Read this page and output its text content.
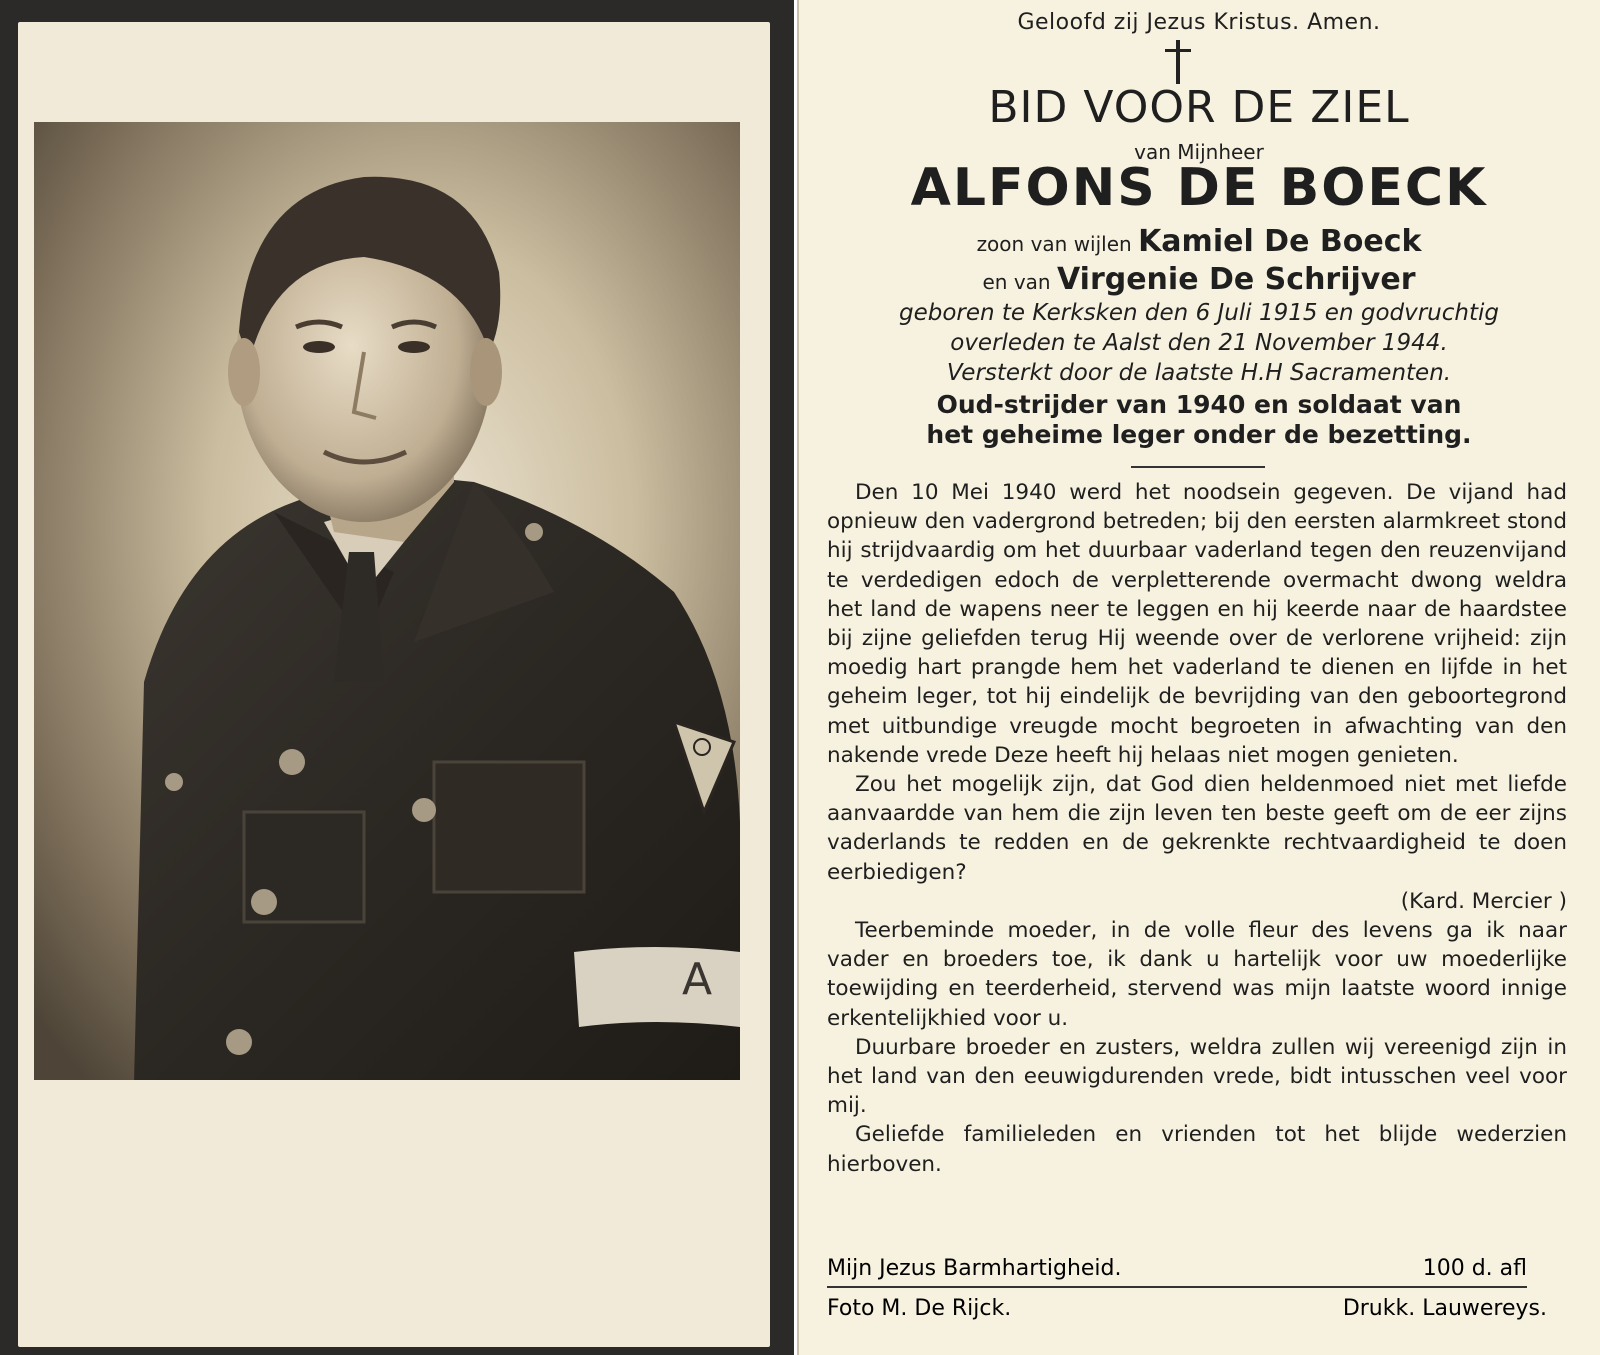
A
Geloofd zij Jezus Kristus. Amen.
BID VOOR DE ZIEL
van Mijnheer
ALFONS DE BOECK
zoon van wijlen Kamiel De Boeck
en van Virgenie De Schrijver
geboren te Kerksken den 6 Juli 1915 en godvruchtig
overleden te Aalst den 21 November 1944.
Versterkt door de laatste H.H Sacramenten.
Oud-strijder van 1940 en soldaat van
het geheime leger onder de bezetting.

Den 10 Mei 1940 werd het noodsein gegeven. De vijand had opnieuw den vadergrond betreden; bij den eersten alarmkreet stond hij strijdvaardig om het duurbaar vaderland tegen den reuzenvijand te verdedigen edoch de verpletterende overmacht dwong weldra het land de wapens neer te leggen en hij keerde naar de haardstee bij zijne geliefden terug Hij weende over de verlorene vrijheid: zijn moedig hart prangde hem het vaderland te dienen en lijfde in het geheim leger, tot hij eindelijk de bevrijding van den geboortegrond met uitbundige vreugde mocht begroeten in afwachting van den nakende vrede Deze heeft hij helaas niet mogen genieten.

Zou het mogelijk zijn, dat God dien heldenmoed niet met liefde aanvaardde van hem die zijn leven ten beste geeft om de eer zijns vaderlands te redden en de gekrenkte rechtvaardigheid te doen eerbiedigen?

(Kard. Mercier )

Teerbeminde moeder, in de volle fleur des levens ga ik naar vader en broeders toe, ik dank u hartelijk voor uw moederlijke toewijding en teerderheid, stervend was mijn laatste woord innige erkentelijkhied voor u.

Duurbare broeder en zusters, weldra zullen wij vereenigd zijn in het land van den eeuwigdurenden vrede, bidt intusschen veel voor mij.

Geliefde familieleden en vrienden tot het blijde wederzien hierboven.

Mijn Jezus Barmhartigheid.	100 d. afl
Foto M. De Rijck.	Drukk. Lauwereys.
